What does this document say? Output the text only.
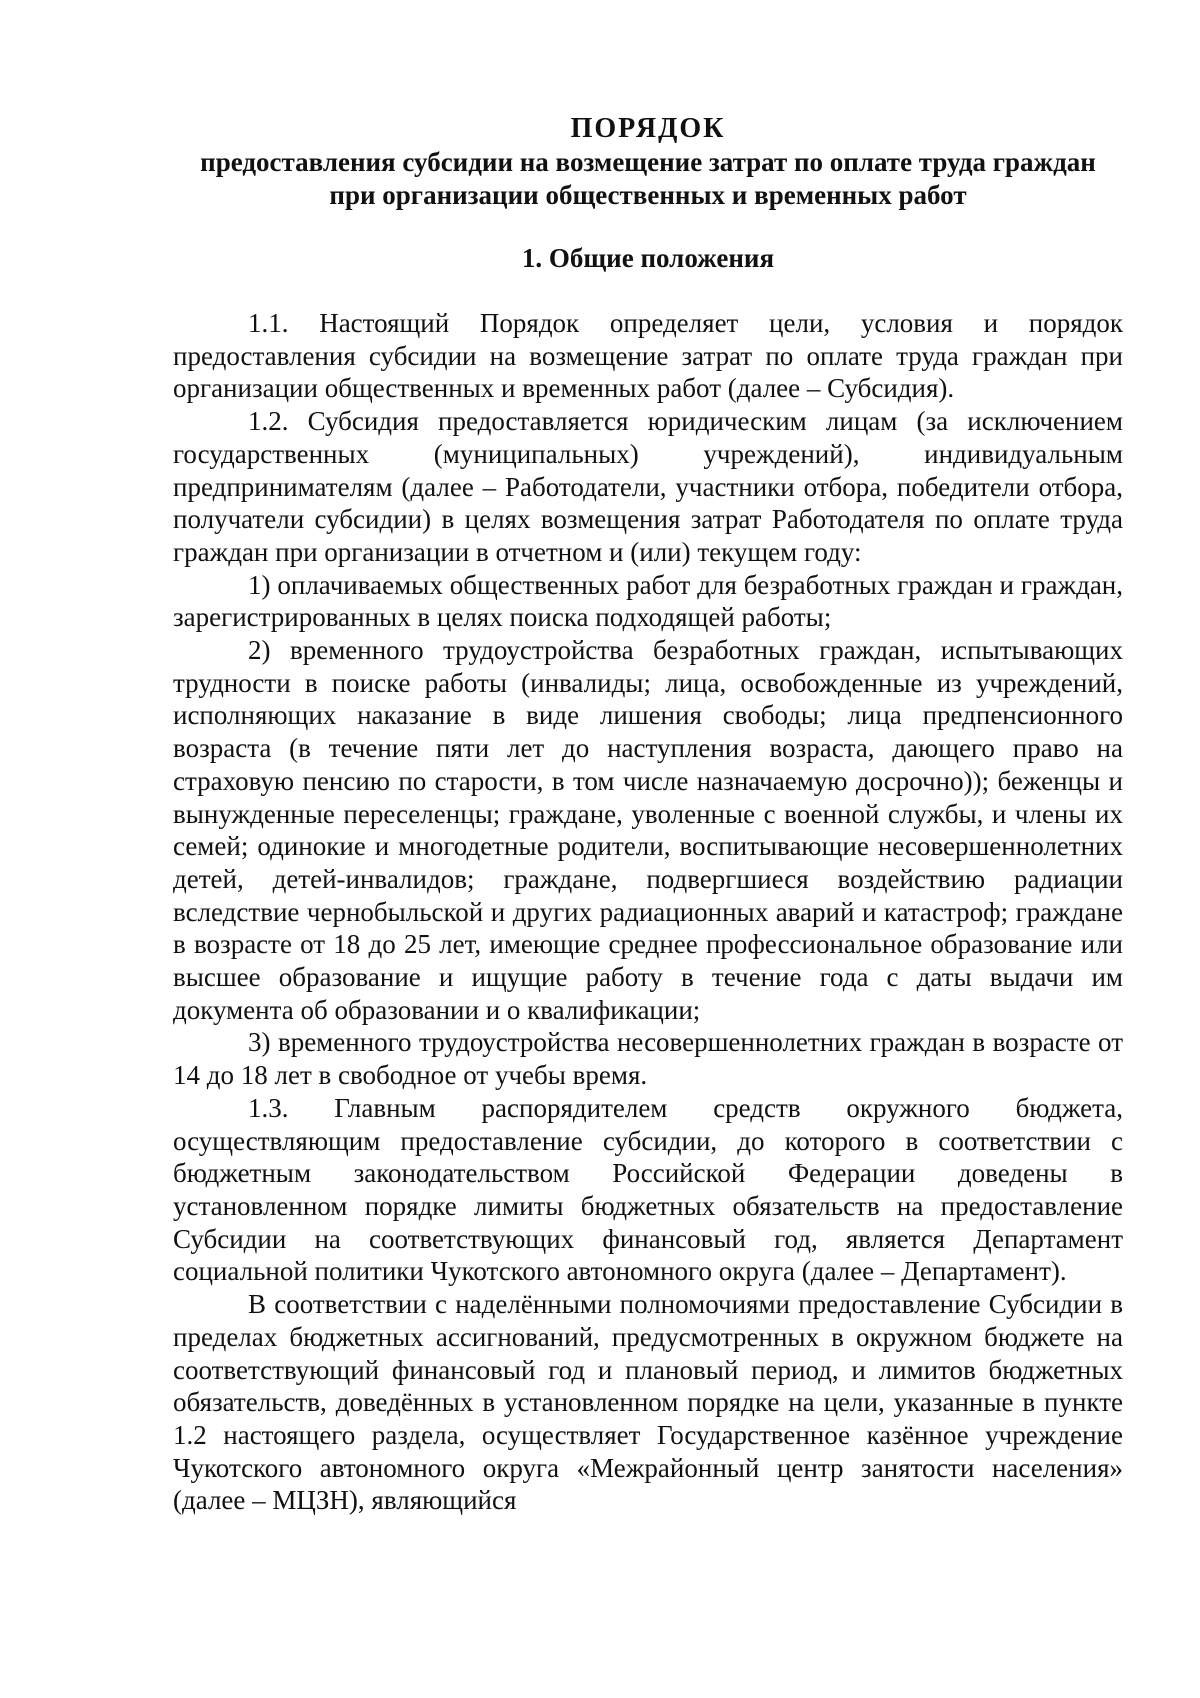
ПОРЯДОК

предоставления субсидии на возмещение затрат по оплате труда граждан

при организации общественных и временных работ

1. Общие положения

1.1. Настоящий Порядок определяет цели, условия и порядок предоставления субсидии на возмещение затрат по оплате труда граждан при организации общественных и временных работ (далее – Субсидия).

1.2. Субсидия предоставляется юридическим лицам (за исключением государственных (муниципальных) учреждений), индивидуальным предпринимателям (далее – Работодатели, участники отбора, победители отбора, получатели субсидии) в целях возмещения затрат Работодателя по оплате труда граждан при организации в отчетном и (или) текущем году:

1) оплачиваемых общественных работ для безработных граждан и граждан, зарегистрированных в целях поиска подходящей работы;

2) временного трудоустройства безработных граждан, испытывающих трудности в поиске работы (инвалиды; лица, освобожденные из учреждений, исполняющих наказание в виде лишения свободы; лица предпенсионного возраста (в течение пяти лет до наступления возраста, дающего право на страховую пенсию по старости, в том числе назначаемую досрочно)); беженцы и вынужденные переселенцы; граждане, уволенные с военной службы, и члены их семей; одинокие и многодетные родители, воспитывающие несовершеннолетних детей, детей-инвалидов; граждане, подвергшиеся воздействию радиации вследствие чернобыльской и других радиационных аварий и катастроф; граждане в возрасте от 18 до 25 лет, имеющие среднее профессиональное образование или высшее образование и ищущие работу в течение года с даты выдачи им документа об образовании и о квалификации;

3) временного трудоустройства несовершеннолетних граждан в возрасте от 14 до 18 лет в свободное от учебы время.

1.3. Главным распорядителем средств окружного бюджета, осуществляющим предоставление субсидии, до которого в соответствии с бюджетным законодательством Российской Федерации доведены в установленном порядке лимиты бюджетных обязательств на предоставление Субсидии на соответствующих финансовый год, является Департамент социальной политики Чукотского автономного округа (далее – Департамент).

В соответствии с наделёнными полномочиями предоставление Субсидии в пределах бюджетных ассигнований, предусмотренных в окружном бюджете на соответствующий финансовый год и плановый период, и лимитов бюджетных обязательств, доведённых в установленном порядке на цели, указанные в пункте 1.2 настоящего раздела, осуществляет Государственное казённое учреждение Чукотского автономного округа «Межрайонный центр занятости населения» (далее – МЦЗН), являющийся
